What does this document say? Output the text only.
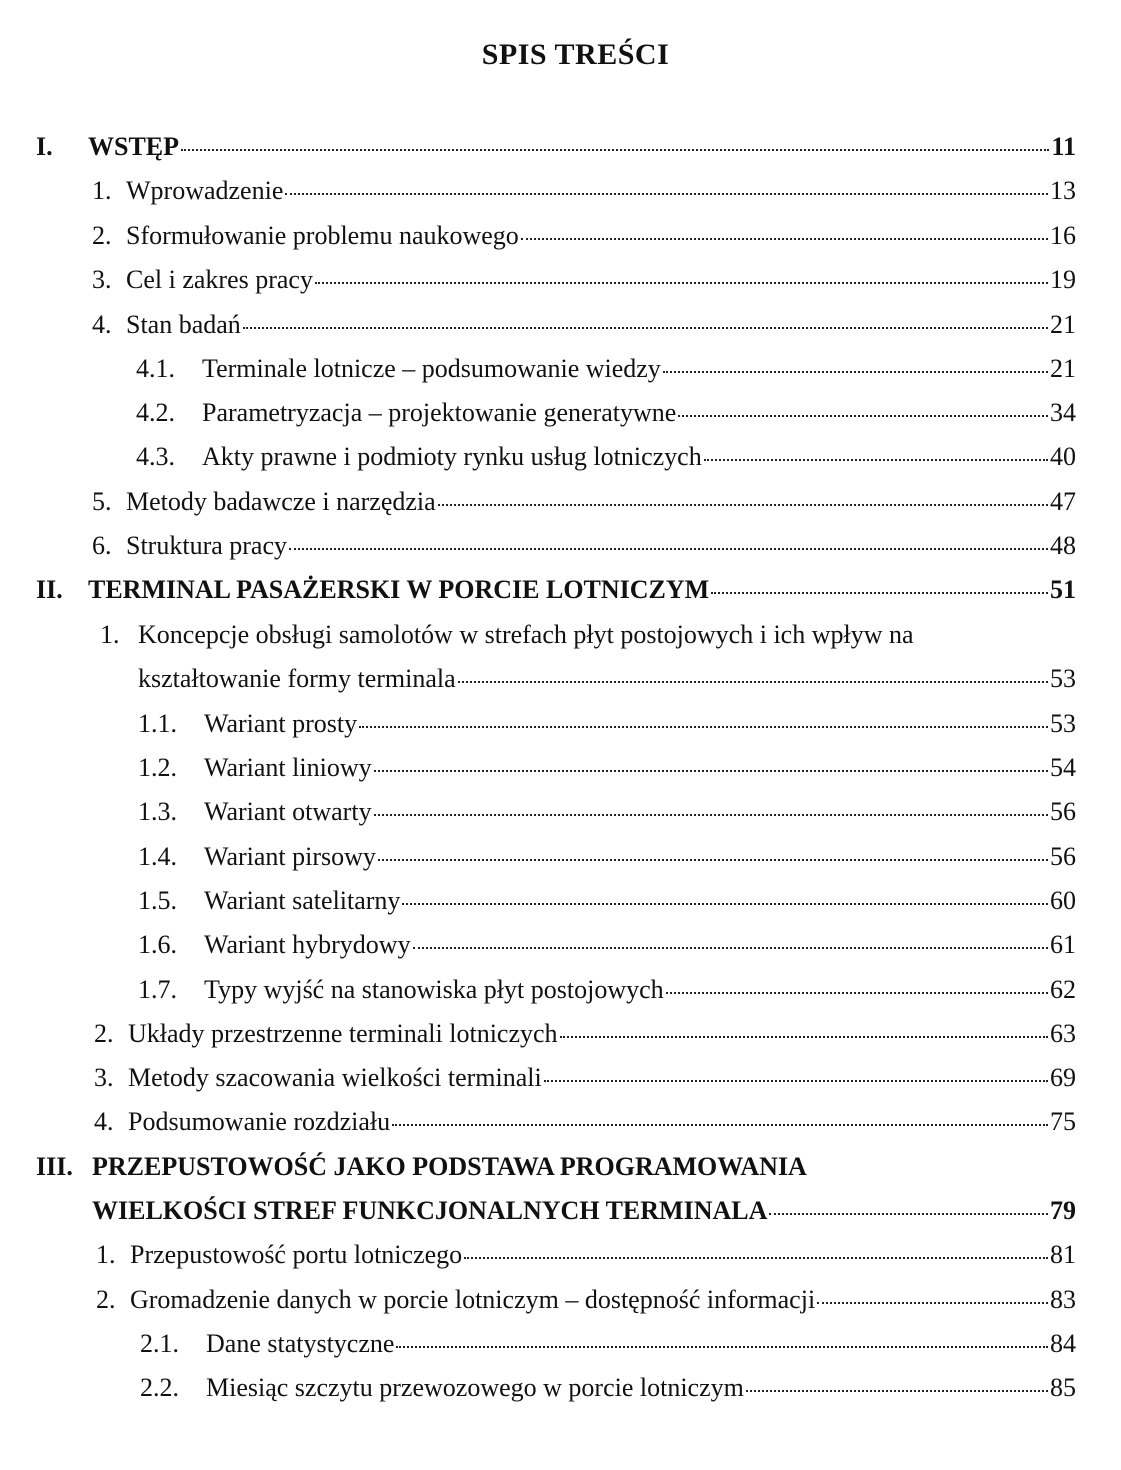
SPIS TREŚCI
I.	WSTĘP	11
1. Wprowadzenie	13
2. Sformułowanie problemu naukowego	16
3. Cel i zakres pracy	19
4. Stan badań	21
4.1.	Terminale lotnicze – podsumowanie wiedzy	21
4.2.	Parametryzacja – projektowanie generatywne	34
4.3.	Akty prawne i podmioty rynku usług lotniczych	40
5. Metody badawcze i narzędzia	47
6. Struktura pracy	48
II. TERMINAL PASAŻERSKI W PORCIE LOTNICZYM	51
1. Koncepcje obsługi samolotów w strefach płyt postojowych i ich wpływ na
kształtowanie formy terminala	53
1.1.	Wariant prosty	53
1.2.	Wariant liniowy	54
1.3.	Wariant otwarty	56
1.4.	Wariant pirsowy	56
1.5.	Wariant satelitarny	60
1.6.	Wariant hybrydowy	61
1.7.	Typy wyjść na stanowiska płyt postojowych	62
2. Układy przestrzenne terminali lotniczych	63
3. Metody szacowania wielkości terminali	69
4. Podsumowanie rozdziału	75
III. PRZEPUSTOWOŚĆ JAKO PODSTAWA PROGRAMOWANIA
WIELKOŚCI STREF FUNKCJONALNYCH TERMINALA	79
1. Przepustowość portu lotniczego	81
2. Gromadzenie danych w porcie lotniczym – dostępność informacji	83
2.1.	Dane statystyczne	84
2.2.	Miesiąc szczytu przewozowego w porcie lotniczym	85
